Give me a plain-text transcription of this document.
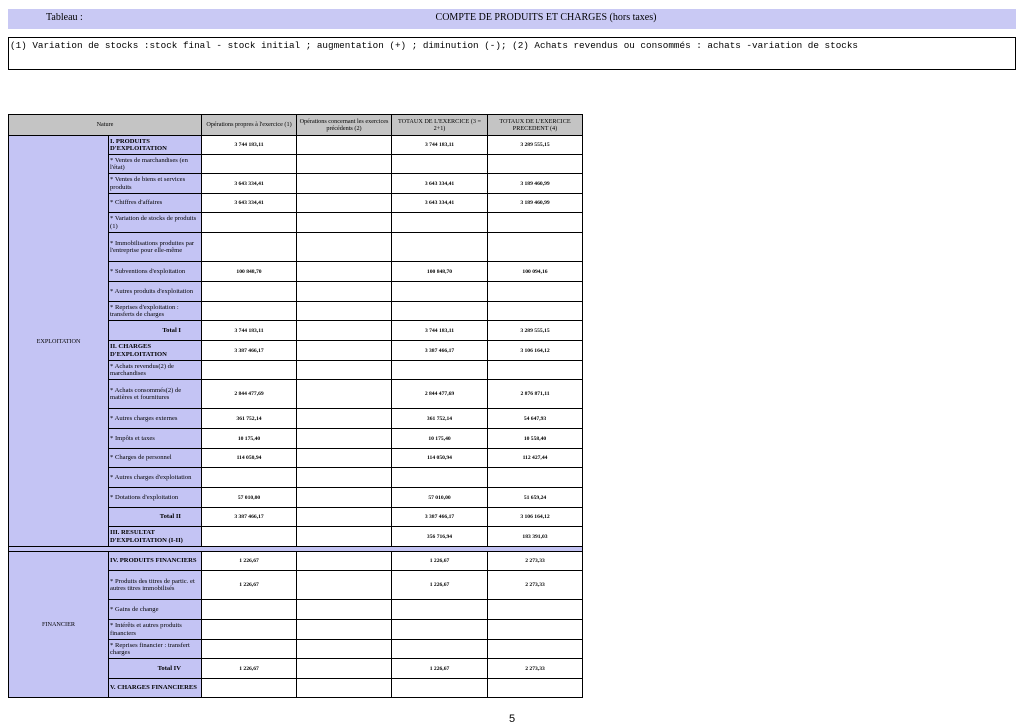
Tableau :	COMPTE DE PRODUITS ET CHARGES (hors taxes)
(1) Variation de stocks :stock final - stock initial ; augmentation (+) ; diminution (-); (2) Achats revendus ou consommés : achats -variation de stocks
Nature		Opérations propres à l'exercice (1)	Opérations concernant les exercices précédents (2)	TOTAUX DE L'EXERCICE (3 = 2+1)	TOTAUX DE L'EXERCICE PRECEDENT (4)
EXPLOITATION	I. PRODUITS D'EXPLOITATION	3 744 183,11		3 744 183,11	3 289 555,15
	* Ventes de marchandises (en l'état)				
	* Ventes de biens et services produits	3 643 334,41		3 643 334,41	3 189 460,99
	* Chiffres d'affaires	3 643 334,41		3 643 334,41	3 189 460,99
	* Variation de stocks de produits (1)				
	* Immobilisations produites par l'entreprise pour elle-même				
	* Subventions d'exploitation	100 848,70		100 848,70	100 094,16
	* Autres produits d'exploitation				
	* Reprises d'exploitation : transferts de charges				
	Total I	3 744 183,11		3 744 183,11	3 289 555,15
	II. CHARGES D'EXPLOITATION	3 387 466,17		3 387 466,17	3 106 164,12
	* Achats revendus(2) de marchandises				
	* Achats consommés(2) de matières et fournitures	2 844 477,69		2 844 477,69	2 876 871,11
	* Autres charges externes	361 752,14		361 752,14	54 647,93
	* Impôts et taxes	10 175,40		10 175,40	10 558,40
	* Charges de personnel	114 050,94		114 050,94	112 427,44
	* Autres charges d'exploitation				
	* Dotations d'exploitation	57 010,00		57 010,00	51 659,24
	Total II	3 387 466,17		3 387 466,17	3 106 164,12
	III. RESULTAT D'EXPLOITATION (I-II)			356 716,94	183 391,03

FINANCIER	IV. PRODUITS FINANCIERS	1 226,67		1 226,67	2 273,33
	* Produits des titres de partic. et autres titres immobilisés	1 226,67		1 226,67	2 273,33
	* Gains de change				
	* Intérêts et autres produits financiers				
	* Reprises financier : transfert charges				
	Total IV	1 226,67		1 226,67	2 273,33
	V. CHARGES FINANCIERES				
5
